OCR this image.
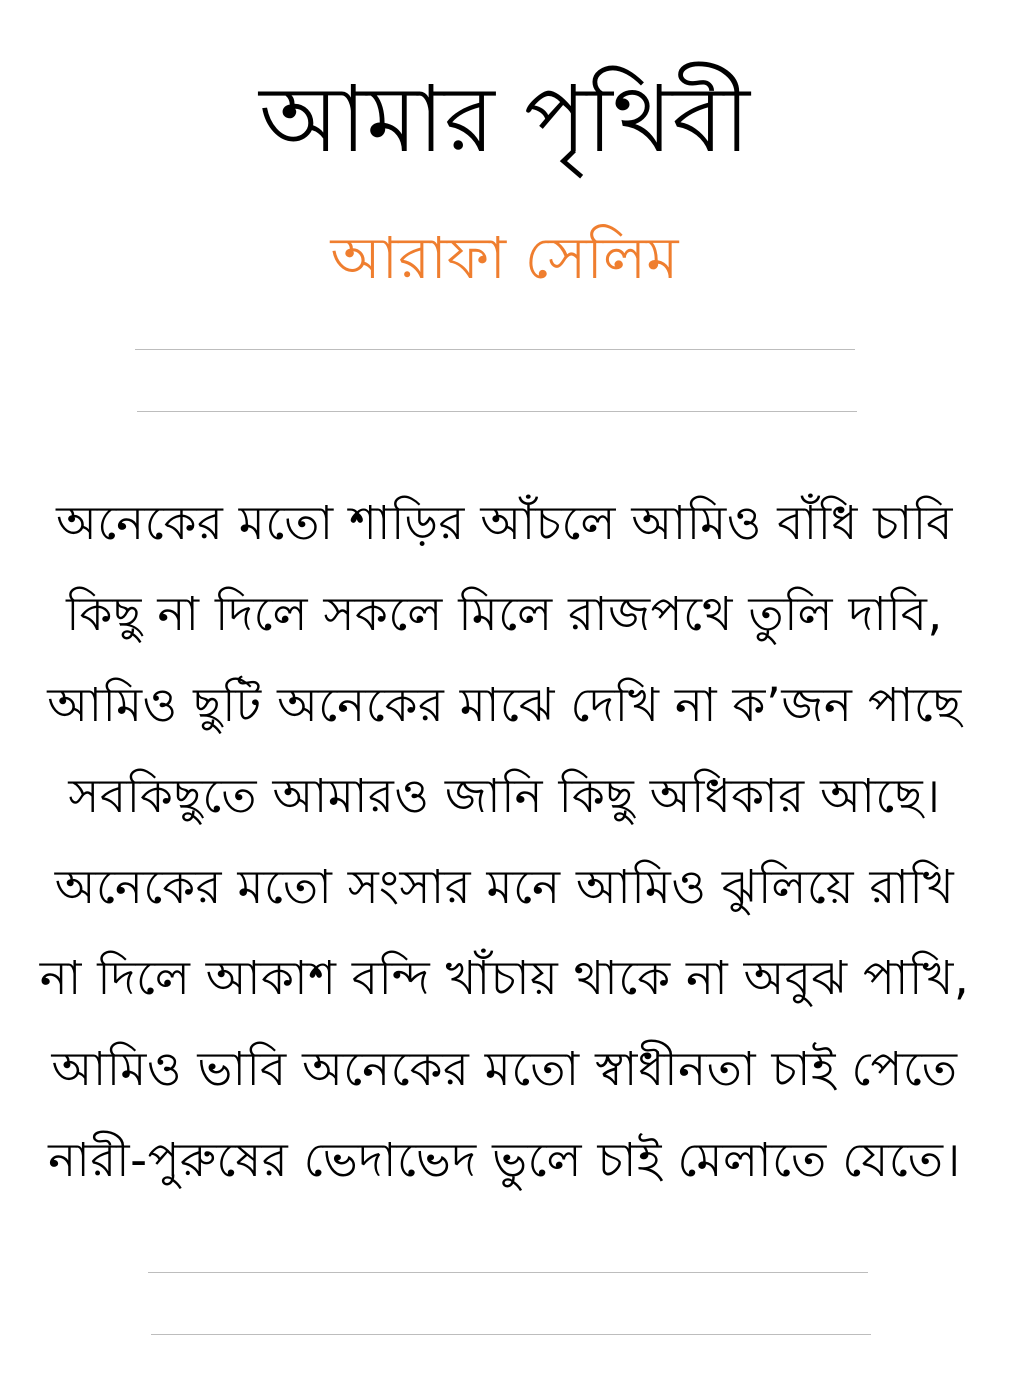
আমার পৃথিবী
আরাফা সেলিম
অনেকের মতো শাড়ির আঁচলে আমিও বাঁধি চাবি
কিছু না দিলে সকলে মিলে রাজপথে তুলি দাবি,
আমিও ছুটি অনেকের মাঝে দেখি না ক’জন পাছে
সবকিছুতে আমারও জানি কিছু অধিকার আছে।
অনেকের মতো সংসার মনে আমিও ঝুলিয়ে রাখি
না দিলে আকাশ বন্দি খাঁচায় থাকে না অবুঝ পাখি,
আমিও ভাবি অনেকের মতো স্বাধীনতা চাই পেতে
নারী-পুরুষের ভেদাভেদ ভুলে চাই মেলাতে যেতে।
